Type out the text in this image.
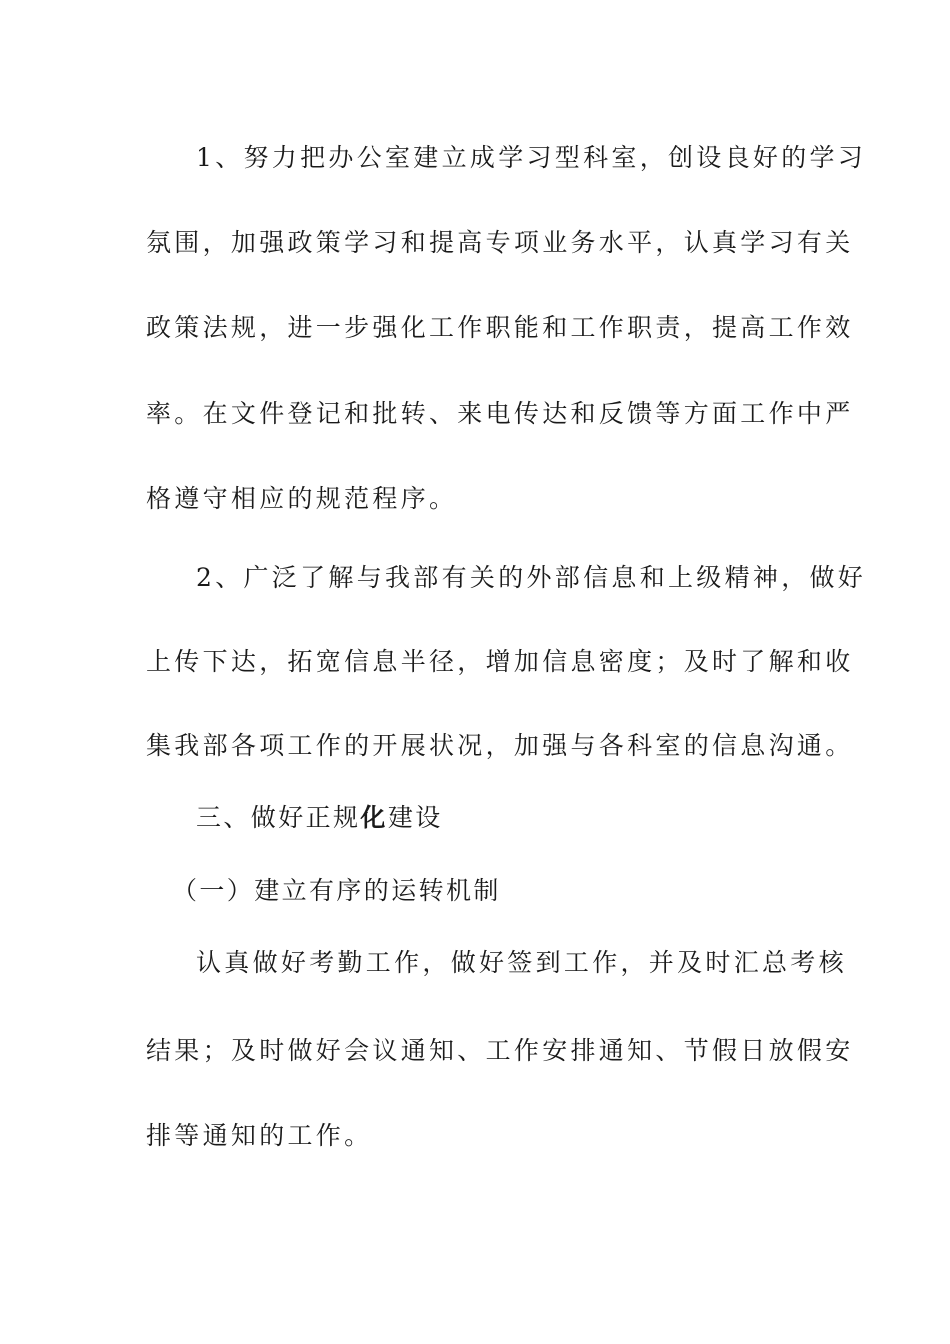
1、努力把办公室建立成学习型科室，创设良好的学习
氛围，加强政策学习和提高专项业务水平，认真学习有关
政策法规，进一步强化工作职能和工作职责，提高工作效
率。在文件登记和批转、来电传达和反馈等方面工作中严
格遵守相应的规范程序。
2、广泛了解与我部有关的外部信息和上级精神，做好
上传下达，拓宽信息半径，增加信息密度；及时了解和收
集我部各项工作的开展状况，加强与各科室的信息沟通。
三、做好正规化建设
（一）建立有序的运转机制
认真做好考勤工作，做好签到工作，并及时汇总考核
结果；及时做好会议通知、工作安排通知、节假日放假安
排等通知的工作。
